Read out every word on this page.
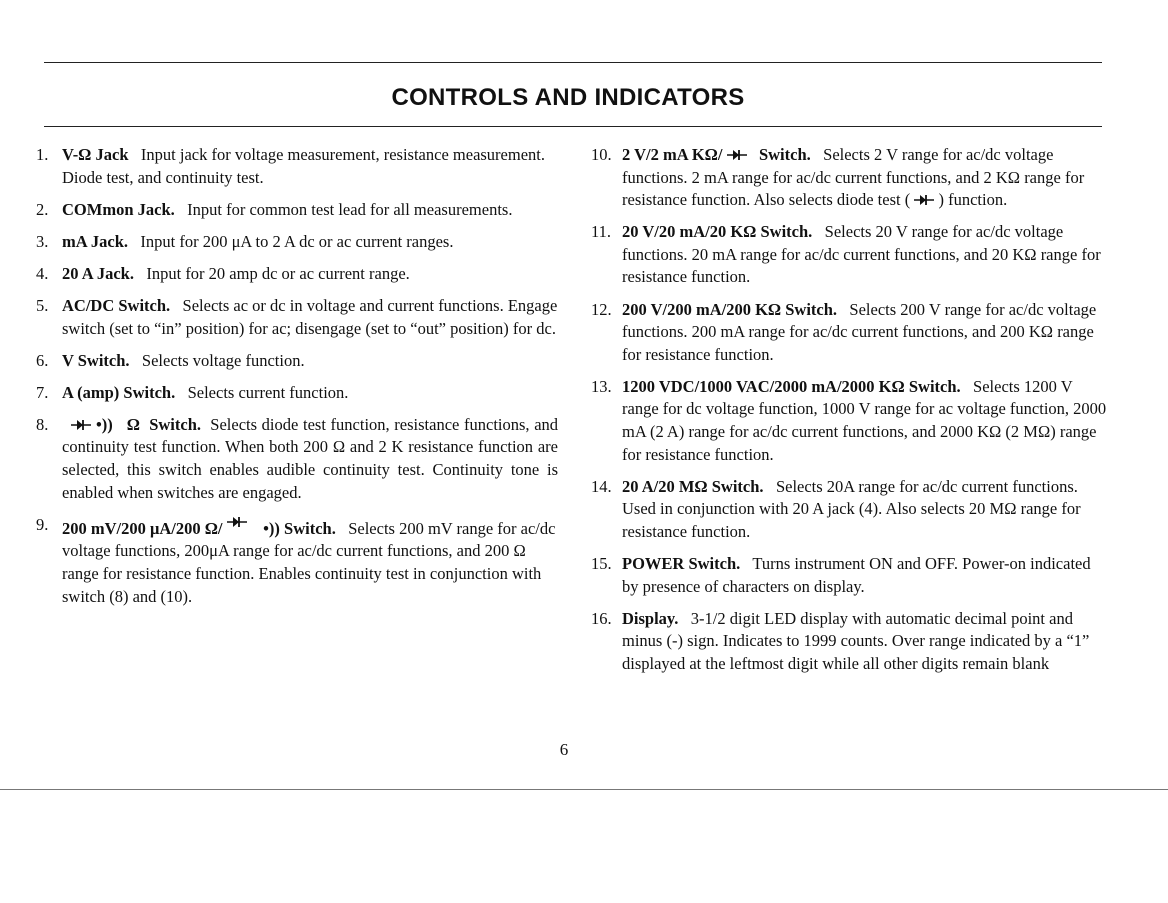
CONTROLS AND INDICATORS
1. V-Ω Jack Input jack for voltage measurement, resistance measurement. Diode test, and continuity test.
2. COMmon Jack. Input for common test lead for all measurements.
3. mA Jack. Input for 200 μA to 2 A dc or ac current ranges.
4. 20 A Jack. Input for 20 amp dc or ac current range.
5. AC/DC Switch. Selects ac or dc in voltage and current functions. Engage switch (set to “in” position) for ac; disengage (set to “out” position) for dc.
6. V Switch. Selects voltage function.
7. A (amp) Switch. Selects current function.
8.	•)) Ω Switch. Selects diode test function, resistance functions, and continuity test function. When both 200 Ω and 2 K resistance function are selected, this switch enables audible continuity test. Continuity tone is enabled when switches are engaged.
9. 200 mV/200 μA/200 Ω/ •)) Switch. Selects 200 mV range for ac/dc voltage functions, 200μA range for ac/dc current functions, and 200 Ω range for resistance function. Enables continuity test in conjunction with switch (8) and (10).
10. 2 V/2 mA KΩ/ Switch. Selects 2 V range for ac/dc voltage functions. 2 mA range for ac/dc current functions, and 2 KΩ range for resistance function. Also selects diode test ( ) function.
11. 20 V/20 mA/20 KΩ Switch. Selects 20 V range for ac/dc voltage functions. 20 mA range for ac/dc current functions, and 20 KΩ range for resistance function.
12. 200 V/200 mA/200 KΩ Switch. Selects 200 V range for ac/dc voltage functions. 200 mA range for ac/dc current functions, and 200 KΩ range for resistance function.
13. 1200 VDC/1000 VAC/2000 mA/2000 KΩ Switch. Selects 1200 V range for dc voltage function, 1000 V range for ac voltage function, 2000 mA (2 A) range for ac/dc current functions, and 2000 KΩ (2 MΩ) range for resistance function.
14. 20 A/20 MΩ Switch. Selects 20A range for ac/dc current functions. Used in conjunction with 20 A jack (4). Also selects 20 MΩ range for resistance function.
15. POWER Switch. Turns instrument ON and OFF. Power-on indicated by presence of characters on display.
16. Display. 3-1/2 digit LED display with automatic decimal point and minus (-) sign. Indicates to 1999 counts. Over range indicated by a “1” displayed at the leftmost digit while all other digits remain blank
6
